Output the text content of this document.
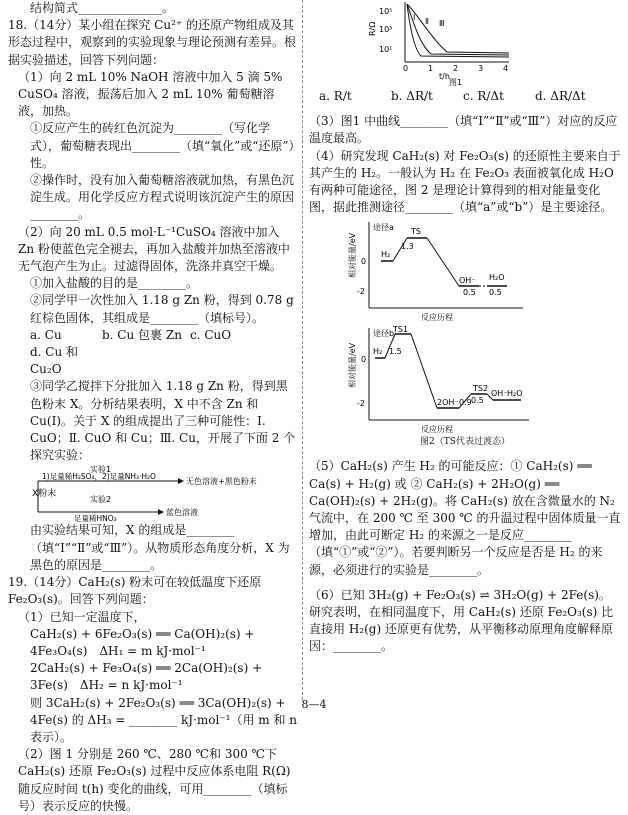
结构简式______________。

18.（14分）某小组在探究 Cu²⁺ 的还原产物组成及其形态过程中，观察到的实验现象与理论预测有差异。根据实验描述，回答下列问题：

（1）向 2 mL 10% NaOH 溶液中加入 5 滴 5% CuSO₄ 溶液，振荡后加入 2 mL 10% 葡萄糖溶液，加热。

①反应产生的砖红色沉淀为________（写化学式），葡萄糖表现出________（填“氧化”或“还原”）性。

②操作时，没有加入葡萄糖溶液就加热，有黑色沉淀生成。用化学反应方程式说明该沉淀产生的原因________。

（2）向 20 mL 0.5 mol·L⁻¹CuSO₄ 溶液中加入 Zn 粉使蓝色完全褪去，再加入盐酸并加热至溶液中无气泡产生为止。过滤得固体，洗涤并真空干燥。

①加入盐酸的目的是________。

②同学甲一次性加入 1.18 g Zn 粉，得到 0.78 g 红棕色固体，其组成是________（填标号）。

a. Cu	b. Cu 包裹 Zn c. CuOd. Cu 和 Cu₂O

③同学乙搅拌下分批加入 1.18 g Zn 粉，得到黑色粉末 X。分析结果表明，X 中不含 Zn 和 Cu(I)。关于 X 的组成提出了三种可能性：Ⅰ. CuO；Ⅱ. CuO 和 Cu；Ⅲ. Cu，开展了下面 2 个探究实验：

X粉末
实验1
1)足量稀H₂SO₄，2)足量NH₃·H₂O
无色溶液+黑色粉末
实验2
足量稀HNO₃
蓝色溶液

由实验结果可知，X 的组成是________（填“Ⅰ”“Ⅱ”或“Ⅲ”）。从物质形态角度分析，X 为黑色的原因是________。

19.（14分）CaH₂(s) 粉末可在较低温度下还原 Fe₂O₃(s)。回答下列问题：

（1）已知一定温度下，

CaH₂(s) + 6Fe₂O₃(s) ══ Ca(OH)₂(s) +

4Fe₃O₄(s)　ΔH₁ = m kJ·mol⁻¹

2CaH₂(s) + Fe₃O₄(s) ══ 2Ca(OH)₂(s) +

3Fe(s)　ΔH₂ = n kJ·mol⁻¹

则 3CaH₂(s) + 2Fe₂O₃(s) ══ 3Ca(OH)₂(s) +

4Fe(s) 的 ΔH₃ = ________ kJ·mol⁻¹（用 m 和 n 表示）。

（2）图 1 分别是 260 ℃、280 ℃和 300 ℃下 CaH₂(s) 还原 Fe₂O₃(s) 过程中反应体系电阻 R(Ω) 随反应时间 t(h) 变化的曲线，可用________（填标号）表示反应的快慢。

10⁵
10³
10¹
R/Ω
0 1 2 3 4
t/h
Ⅰ Ⅱ Ⅲ
图1

a. R/t	b. ΔR/t	c. R/Δt	d. ΔR/Δt

（3）图1 中曲线________（填“Ⅰ”“Ⅱ”或“Ⅲ”）对应的反应温度最高。

（4）研究发现 CaH₂(s) 对 Fe₂O₃(s) 的还原性主要来自于其产生的 H₂。一般认为 H₂ 在 Fe₂O₃ 表面被氧化成 H₂O 有两种可能途径，图 2 是理论计算得到的相对能量变化图，据此推测途径________（填“a”或“b”）是主要途径。

相对能量/eV 0
-2
途径a
H₂
TS
1.3
OH⁻
0.5
H₂O
0.5
反应历程
相对能量/eV 0
-2
途径b
H₂
TS1
1.5
2OH⁻ 0.9
TS2
0.5
OH⁻ H₂O
反应历程

图2（TS代表过渡态）

（5）CaH₂(s) 产生 H₂ 的可能反应：① CaH₂(s) ══ Ca(s) + H₂(g) 或 ② CaH₂(s) + 2H₂O(g) ══ Ca(OH)₂(s) + 2H₂(g)。将 CaH₂(s) 放在含微量水的 N₂ 气流中，在 200 ℃ 至 300 ℃ 的升温过程中固体质量一直增加，由此可断定 H₂ 的来源之一是反应________（填“①”或“②”）。若要判断另一个反应是否是 H₂ 的来源，必须进行的实验是________。

（6）已知 3H₂(g) + Fe₂O₃(s) ⇌ 3H₂O(g) + 2Fe(s)。研究表明，在相同温度下，用 CaH₂(s) 还原 Fe₂O₃(s) 比直接用 H₂(g) 还原更有优势，从平衡移动原理角度解释原因：________。

8—4
